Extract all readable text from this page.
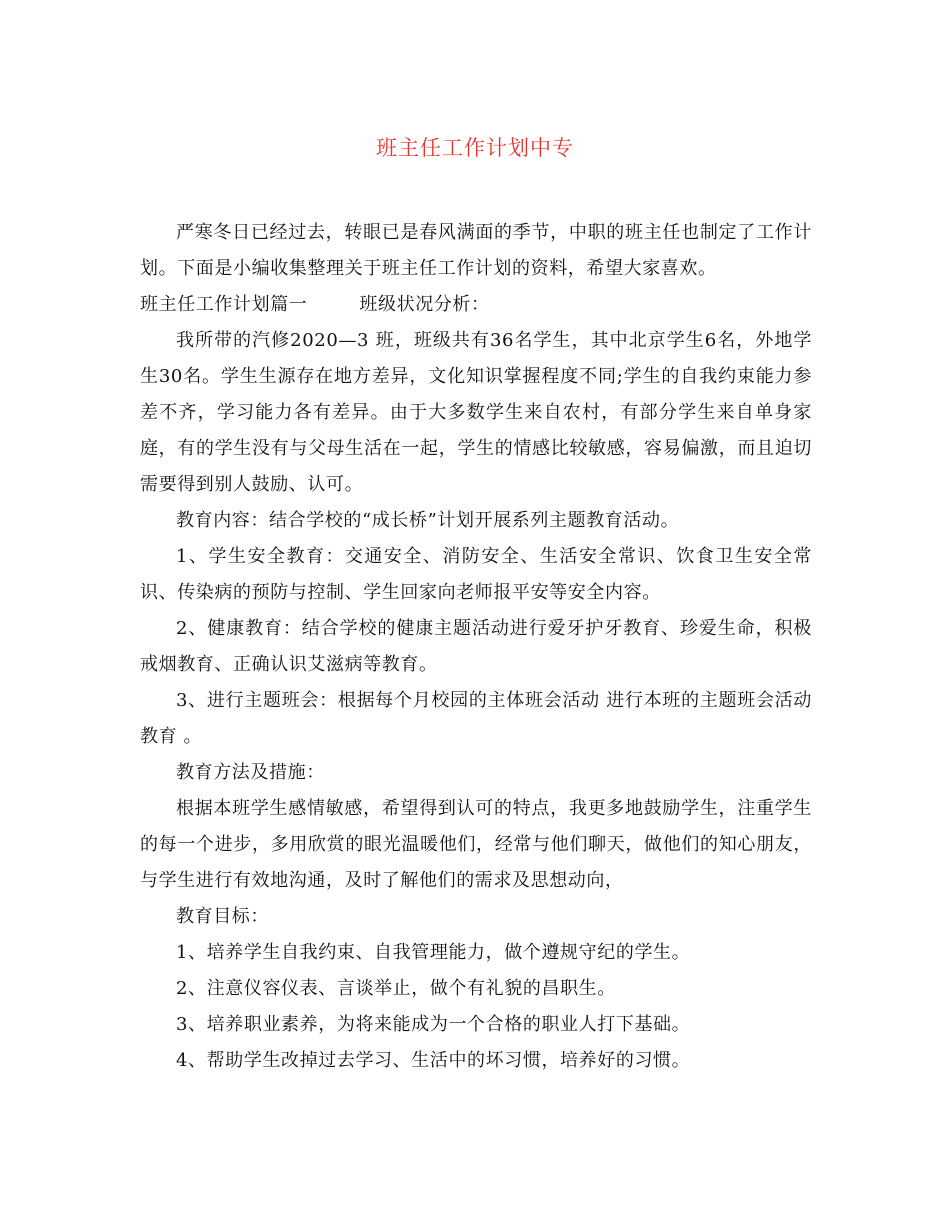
班主任工作计划中专

严寒冬日已经过去，转眼已是春风满面的季节，中职的班主任也制定了工作计划。下面是小编收集整理关于班主任工作计划的资料，希望大家喜欢。

班主任工作计划篇一	班级状况分析：

我所带的汽修2020—3 班，班级共有36名学生，其中北京学生6名，外地学生30名。学生生源存在地方差异，文化知识掌握程度不同;学生的自我约束能力参差不齐，学习能力各有差异。由于大多数学生来自农村，有部分学生来自单身家庭，有的学生没有与父母生活在一起，学生的情感比较敏感，容易偏激，而且迫切需要得到别人鼓励、认可。

教育内容：结合学校的“成长桥”计划开展系列主题教育活动。

1、学生安全教育：交通安全、消防安全、生活安全常识、饮食卫生安全常识、传染病的预防与控制、学生回家向老师报平安等安全内容。

2、健康教育：结合学校的健康主题活动进行爱牙护牙教育、珍爱生命，积极戒烟教育、正确认识艾滋病等教育。

3、进行主题班会：根据每个月校园的主体班会活动 进行本班的主题班会活动教育 。

教育方法及措施：

根据本班学生感情敏感，希望得到认可的特点，我更多地鼓励学生，注重学生的每一个进步，多用欣赏的眼光温暖他们，经常与他们聊天，做他们的知心朋友，与学生进行有效地沟通，及时了解他们的需求及思想动向，

教育目标：

1、培养学生自我约束、自我管理能力，做个遵规守纪的学生。

2、注意仪容仪表、言谈举止，做个有礼貌的昌职生。

3、培养职业素养，为将来能成为一个合格的职业人打下基础。

4、帮助学生改掉过去学习、生活中的坏习惯，培养好的习惯。
